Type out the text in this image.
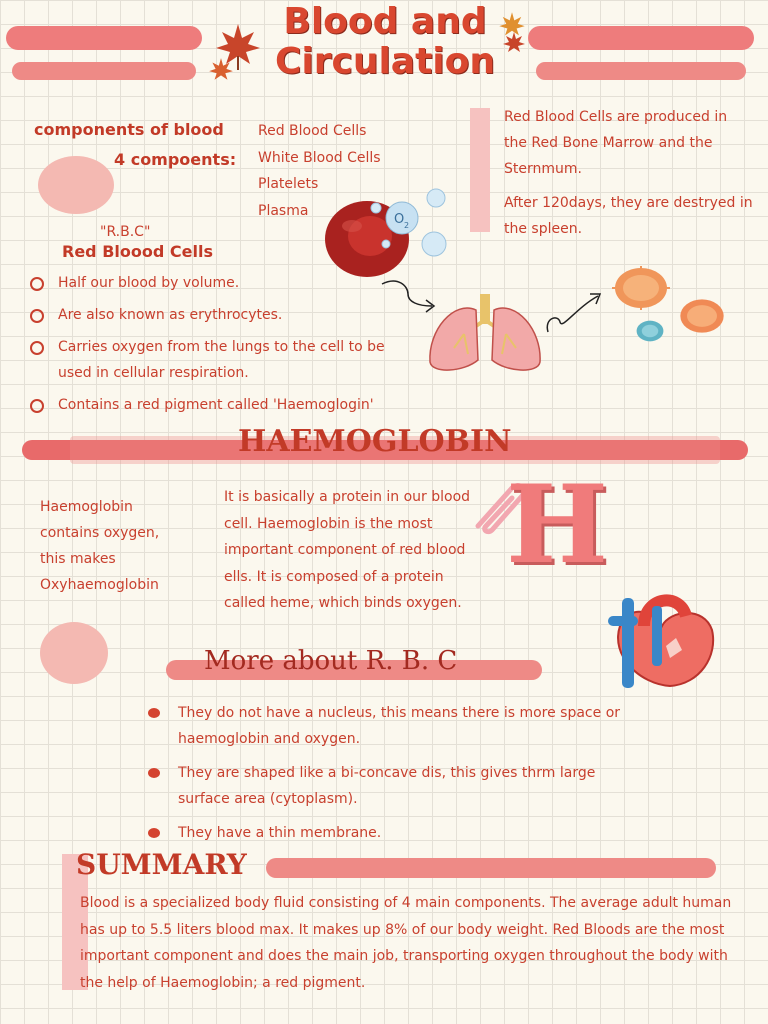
Blood and
Circulation
components of blood
4 compoents:
Red Blood Cells
White Blood Cells
Platelets
Plasma
Red Blood Cells are produced in the Red Bone Marrow and the Sternmum.
After 120days, they are destryed in the spleen.
O 2
"R.B.C"
Red Bloood Cells
Half our blood by volume.
Are also known as erythrocytes.
Carries oxygen from the lungs to the cell to be used in cellular respiration.
Contains a red pigment called 'Haemoglogin'
HAEMOGLOBIN
Haemoglobin contains oxygen, this makes Oxyhaemoglobin
It is basically a protein in our blood cell. Haemoglobin is the most important component of red blood ells. It is composed of a protein called heme, which binds oxygen.
H
More about R. B. C
They do not have a nucleus, this means there is more space or haemoglobin and oxygen.
They are shaped like a bi-concave dis, this gives thrm large surface area (cytoplasm).
They have a thin membrane.
SUMMARY
Blood is a specialized body fluid consisting of 4 main components. The average adult human has up to 5.5 liters blood max. It makes up 8% of our body weight. Red Bloods are the most important component and does the main job, transporting oxygen throughout the body with the help of Haemoglobin; a red pigment.
